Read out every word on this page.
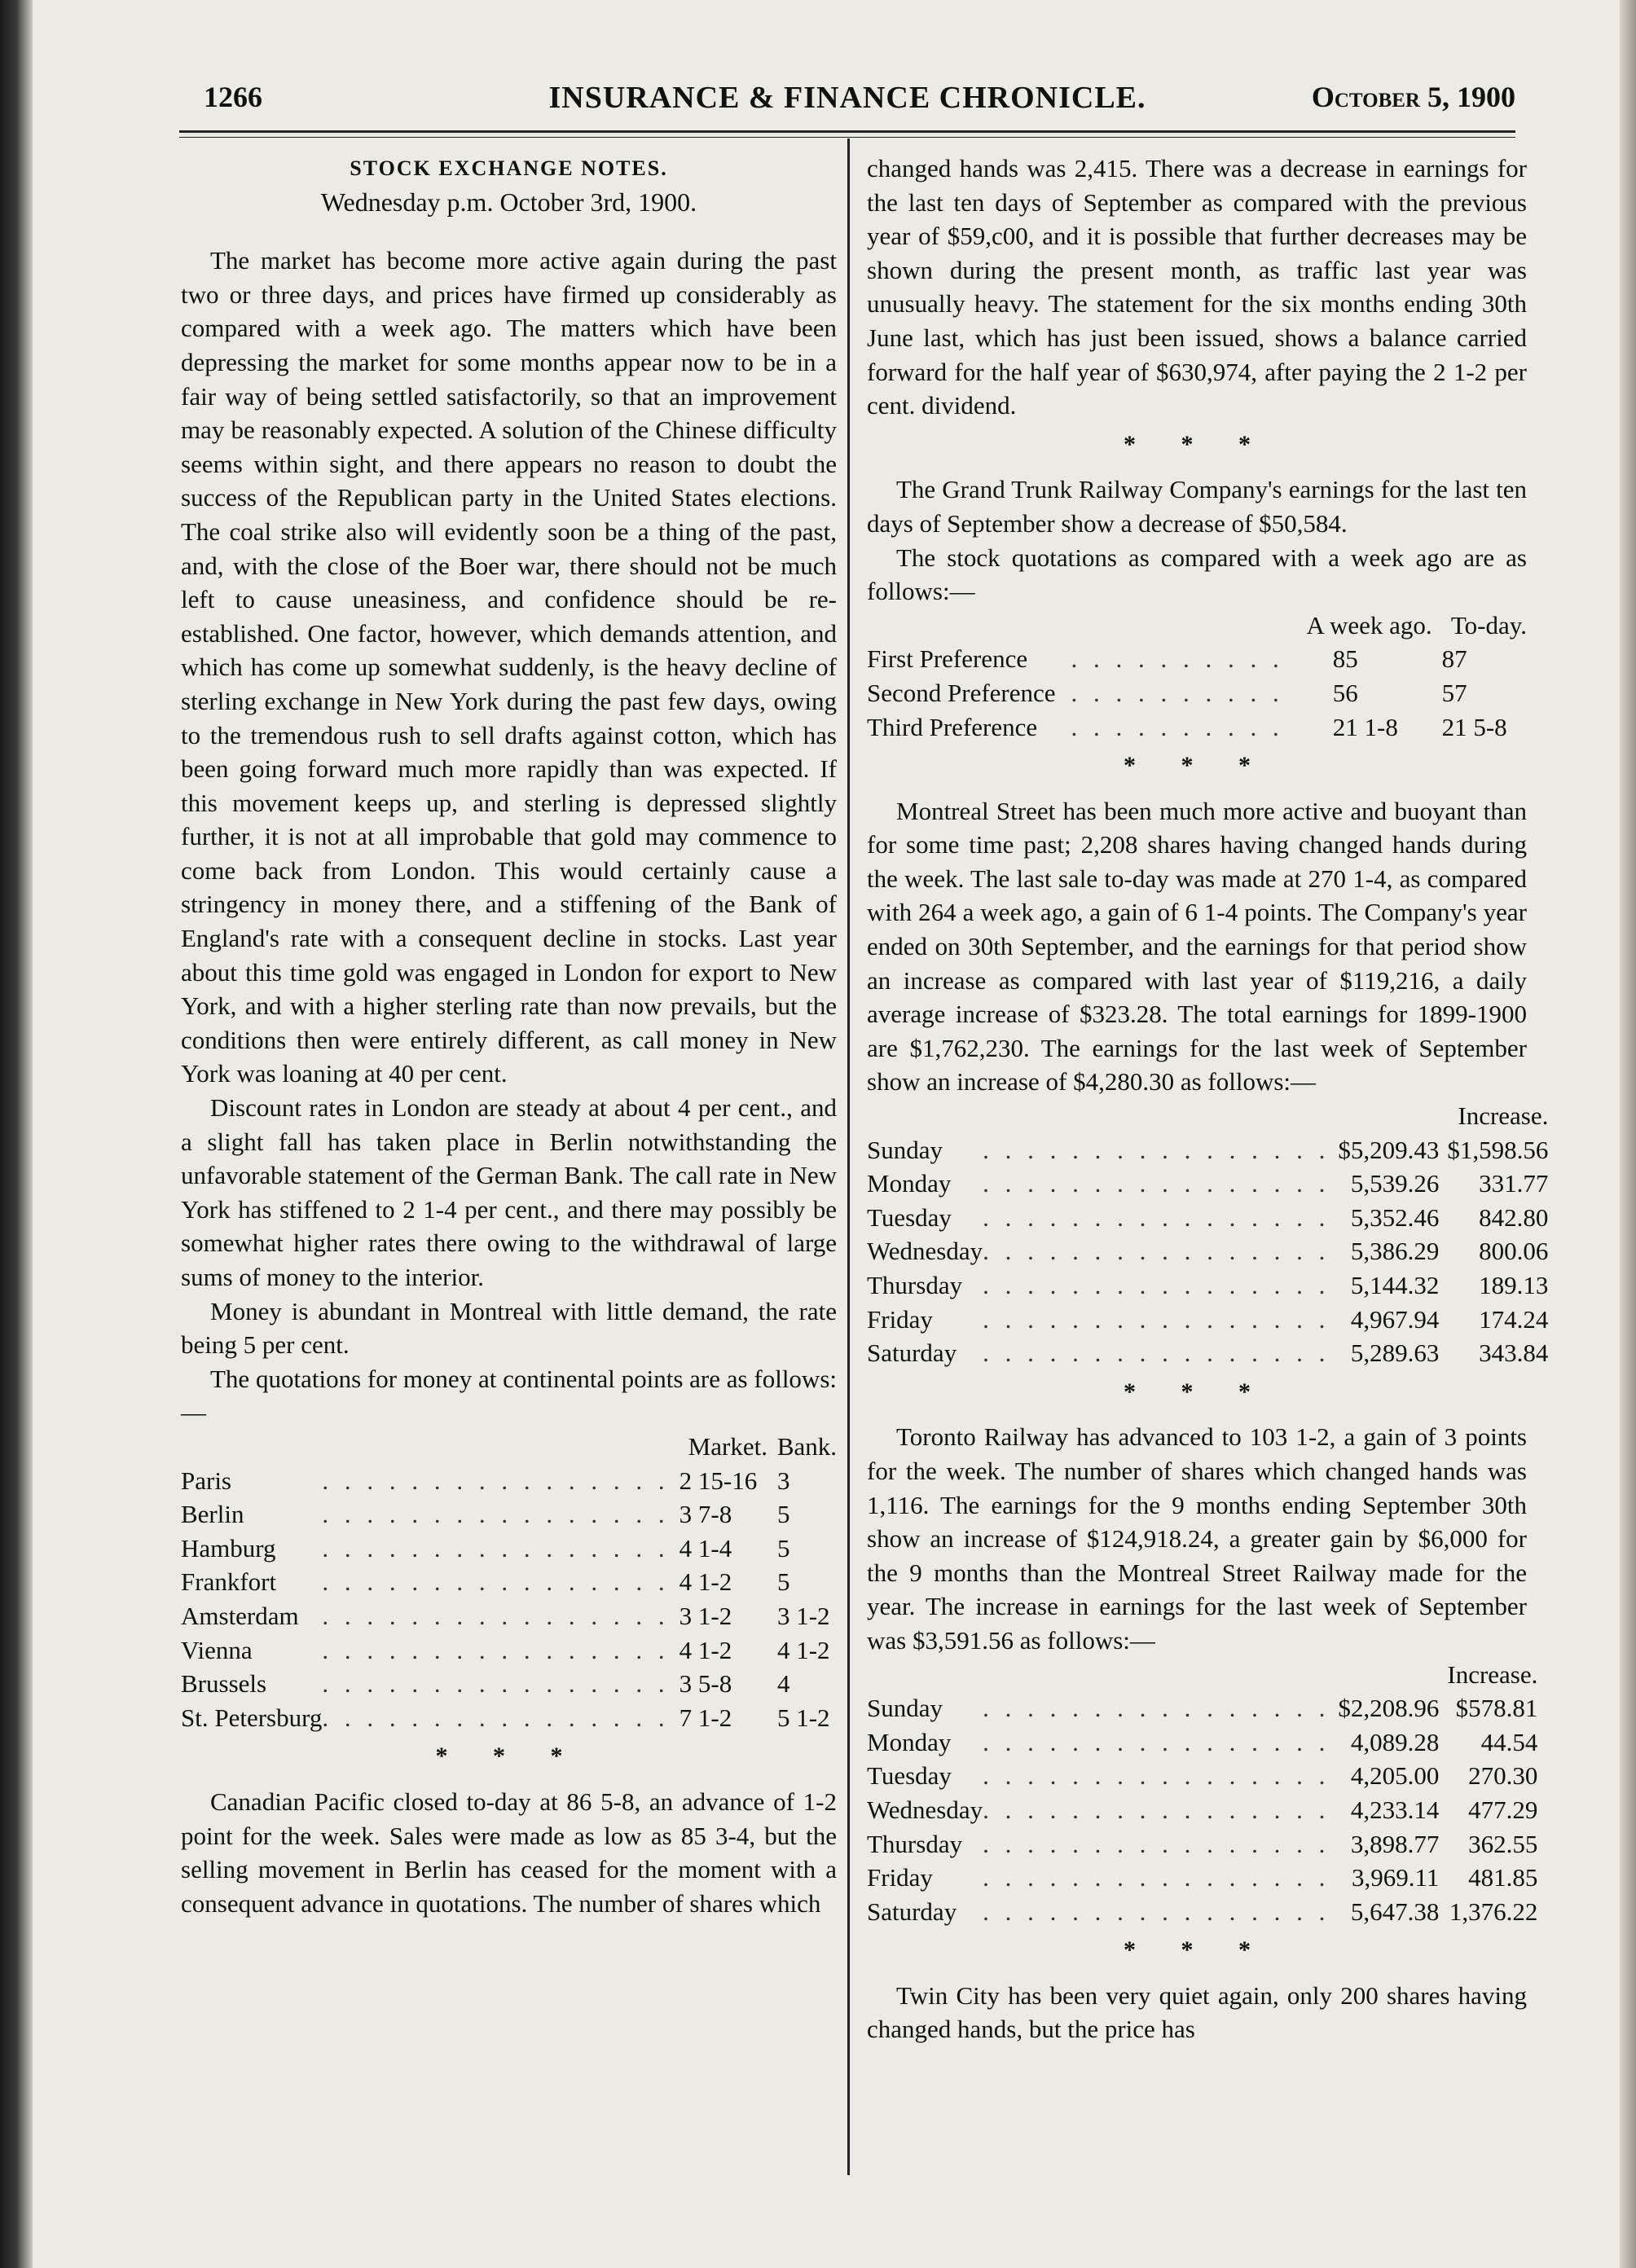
1266	INSURANCE & FINANCE CHRONICLE.	October 5, 1900
STOCK EXCHANGE NOTES.
Wednesday p.m. October 3rd, 1900.

The market has become more active again during the past two or three days, and prices have firmed up considerably as compared with a week ago. The matters which have been depressing the market for some months appear now to be in a fair way of being settled satisfactorily, so that an improvement may be reasonably expected. A solution of the Chinese difficulty seems within sight, and there appears no reason to doubt the success of the Republican party in the United States elections. The coal strike also will evidently soon be a thing of the past, and, with the close of the Boer war, there should not be much left to cause uneasiness, and confidence should be re-established. One factor, however, which demands attention, and which has come up somewhat suddenly, is the heavy decline of sterling exchange in New York during the past few days, owing to the tremendous rush to sell drafts against cotton, which has been going forward much more rapidly than was expected. If this movement keeps up, and sterling is depressed slightly further, it is not at all improbable that gold may commence to come back from London. This would certainly cause a stringency in money there, and a stiffening of the Bank of England's rate with a consequent decline in stocks. Last year about this time gold was engaged in London for export to New York, and with a higher sterling rate than now prevails, but the conditions then were entirely different, as call money in New York was loaning at 40 per cent.

Discount rates in London are steady at about 4 per cent., and a slight fall has taken place in Berlin notwithstanding the unfavorable statement of the German Bank. The call rate in New York has stiffened to 2 1-4 per cent., and there may possibly be somewhat higher rates there owing to the withdrawal of large sums of money to the interior.

Money is abundant in Montreal with little demand, the rate being 5 per cent.

The quotations for money at continental points are as follows:—

		Market.	Bank.
Paris	. . . . . . . . . . . . . . . .	2 15-16	3
Berlin	. . . . . . . . . . . . . . . .	3 7-8	5
Hamburg	. . . . . . . . . . . . . . . .	4 1-4	5
Frankfort	. . . . . . . . . . . . . . . .	4 1-2	5
Amsterdam	. . . . . . . . . . . . . . . .	3 1-2	3 1-2
Vienna	. . . . . . . . . . . . . . . .	4 1-2	4 1-2
Brussels	. . . . . . . . . . . . . . . .	3 5-8	4
St. Petersburg	. . . . . . . . . . . . . . . .	7 1-2	5 1-2
* * *

Canadian Pacific closed to-day at 86 5-8, an advance of 1-2 point for the week. Sales were made as low as 85 3-4, but the selling movement in Berlin has ceased for the moment with a consequent advance in quotations. The number of shares which

changed hands was 2,415. There was a decrease in earnings for the last ten days of September as compared with the previous year of $59,c00, and it is possible that further decreases may be shown during the present month, as traffic last year was unusually heavy. The statement for the six months ending 30th June last, which has just been issued, shows a balance carried forward for the half year of $630,974, after paying the 2 1-2 per cent. dividend.

* * *

The Grand Trunk Railway Company's earnings for the last ten days of September show a decrease of $50,584.

The stock quotations as compared with a week ago are as follows:—

		A week ago.	To-day.
First Preference	. . . . . . . . . .	85	87
Second Preference	. . . . . . . . . .	56	57
Third Preference	. . . . . . . . . .	21 1-8	21 5-8
* * *

Montreal Street has been much more active and buoyant than for some time past; 2,208 shares having changed hands during the week. The last sale to-day was made at 270 1-4, as compared with 264 a week ago, a gain of 6 1-4 points. The Company's year ended on 30th September, and the earnings for that period show an increase as compared with last year of $119,216, a daily average increase of $323.28. The total earnings for 1899-1900 are $1,762,230. The earnings for the last week of September show an increase of $4,280.30 as follows:—

			Increase.
Sunday	. . . . . . . . . . . . . . . .	$5,209.43	$1,598.56
Monday	. . . . . . . . . . . . . . . .	5,539.26	331.77
Tuesday	. . . . . . . . . . . . . . . .	5,352.46	842.80
Wednesday	. . . . . . . . . . . . . . . .	5,386.29	800.06
Thursday	. . . . . . . . . . . . . . . .	5,144.32	189.13
Friday	. . . . . . . . . . . . . . . .	4,967.94	174.24
Saturday	. . . . . . . . . . . . . . . .	5,289.63	343.84
* * *

Toronto Railway has advanced to 103 1-2, a gain of 3 points for the week. The number of shares which changed hands was 1,116. The earnings for the 9 months ending September 30th show an increase of $124,918.24, a greater gain by $6,000 for the 9 months than the Montreal Street Railway made for the year. The increase in earnings for the last week of September was $3,591.56 as follows:—

			Increase.
Sunday	. . . . . . . . . . . . . . . .	$2,208.96	$578.81
Monday	. . . . . . . . . . . . . . . .	4,089.28	44.54
Tuesday	. . . . . . . . . . . . . . . .	4,205.00	270.30
Wednesday	. . . . . . . . . . . . . . . .	4,233.14	477.29
Thursday	. . . . . . . . . . . . . . . .	3,898.77	362.55
Friday	. . . . . . . . . . . . . . . .	3,969.11	481.85
Saturday	. . . . . . . . . . . . . . . .	5,647.38	1,376.22
* * *

Twin City has been very quiet again, only 200 shares having changed hands, but the price has
